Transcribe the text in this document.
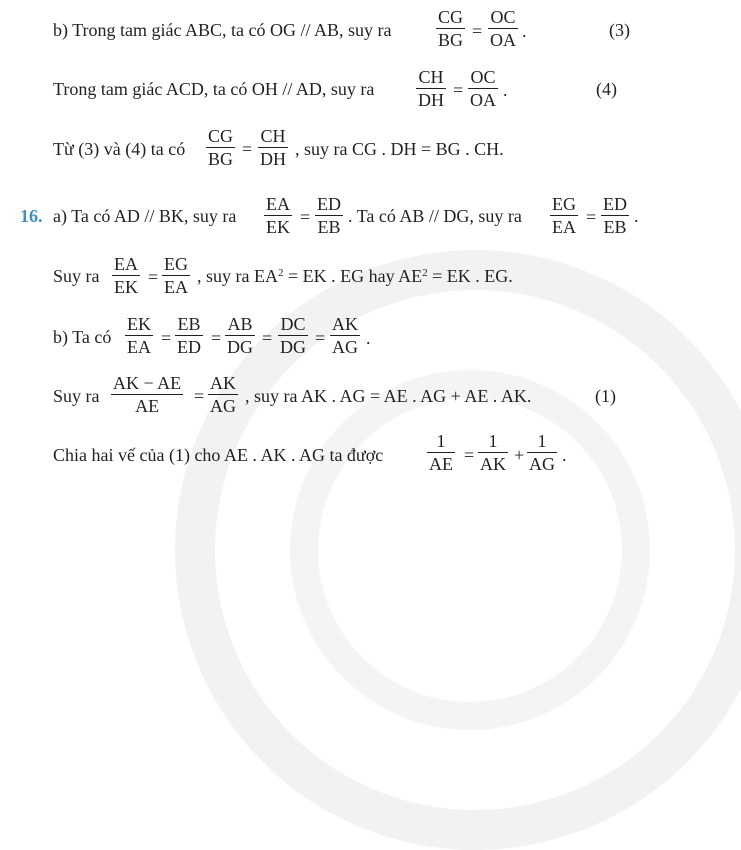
b) Trong tam giác ABC, ta có OG // AB, suy ra $\frac{CG}{BG} = \frac{OC}{OA}$ .	(3)
Trong tam giác ACD, ta có OH // AD, suy ra $\frac{CH}{DH} = \frac{OC}{OA}$ .	(4)
Từ (3) và (4) ta có $\frac{CG}{BG} = \frac{CH}{DH}$ , suy ra CG . DH = BG . CH.
16. a) Ta có AD // BK, suy ra $\frac{EA}{EK} = \frac{ED}{EB}$ . Ta có AB // DG, suy ra $\frac{EG}{EA} = \frac{ED}{EB}$ .
Suy ra $\frac{EA}{EK} = \frac{EG}{EA}$ , suy ra $EA^2$ = EK . EG hay $AE^2$ = EK . EG.
b) Ta có $\frac{EK}{EA} = \frac{EB}{ED} = \frac{AB}{DG} = \frac{DC}{DG} = \frac{AK}{AG}$ .
Suy ra $\frac{AK - AE}{AE} = \frac{AK}{AG}$ , suy ra AK . AG = AE . AG + AE . AK.	(1)
Chia hai vế của (1) cho AE . AK . AG ta được $\frac{1}{AE} = \frac{1}{AK} + \frac{1}{AG}$ .
